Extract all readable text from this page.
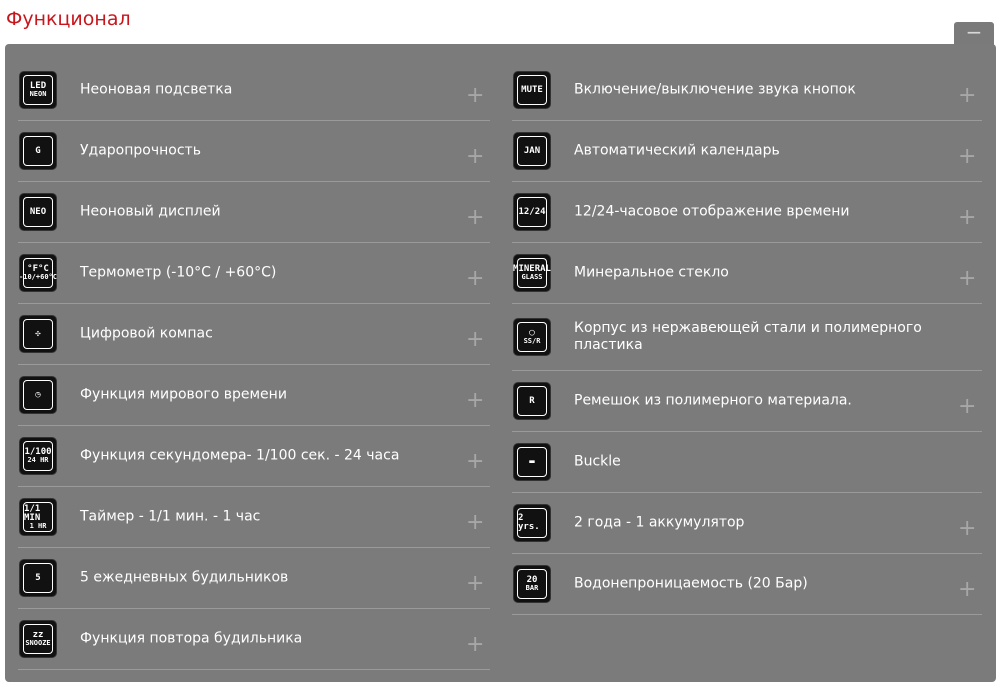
Функционал
−
LED
NEON Неоновая подсветка
+
G	Ударопрочность
+
NEO Неоновый дисплей
+
°F°C
-10/+60°C Термометр (-10°C / +60°C)
+
✣	Цифровой компас
+
◷	Функция мирового времени
+
1/100
24 HR Функция секундомера- 1/100 сек. - 24 часа
+
1/1 MIN
1 HR
Таймер - 1/1 мин. - 1 час
+
5	5 ежедневных будильников
+
zz
SNOOZE Функция повтора будильника
+
MUTE Включение/выключение звука кнопок
+
JAN Автоматический календарь
+
12/24 12/24-часовое отображение времени
+
MINERAL
GLASS Минеральное стекло
+
◯
SS/R
Корпус из нержавеющей стали и полимерного пластика
R	Ремешок из полимерного материала.
+
▬	Buckle
2 yrs.	2 года - 1 аккумулятор
+
20
BAR	Водонепроницаемость (20 Бар)
+
